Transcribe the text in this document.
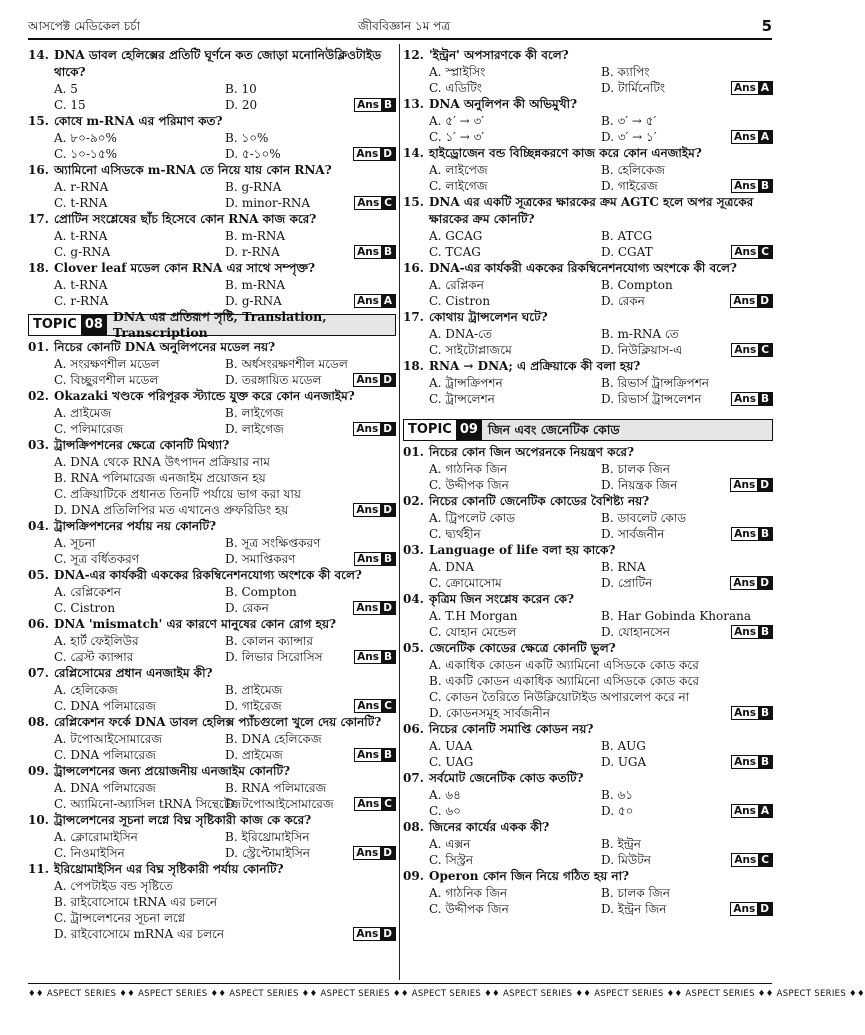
আসপেক্ট মেডিকেল চর্চা	জীববিজ্ঞান ১ম পত্র	5
14. DNA ডাবল হেলিক্সের প্রতিটি ঘূর্ণনে কত জোড়া মনোনিউক্লিওটাইড থাকে?
A. 5	B. 10
C. 15	D. 20	Ans B
15. কোষে m-RNA এর পরিমাণ কত?
A. ৮০-৯০%	B. ১০%
C. ১০-১৫%	D. ৫-১০%	Ans D
16. অ্যামিনো এসিডকে m-RNA তে নিয়ে যায় কোন RNA?
A. r-RNA	B. g-RNA
C. t-RNA	D. minor-RNA	Ans C
17. প্রোটিন সংশ্লেষের ছাঁচ হিসেবে কোন RNA কাজ করে?
A. t-RNA	B. m-RNA
C. g-RNA	D. r-RNA	Ans B
18. Clover leaf মডেল কোন RNA এর সাথে সম্পৃক্ত?
A. t-RNA	B. m-RNA
C. r-RNA	D. g-RNA	Ans A
TOPIC 08
DNA এর প্রতিরূপ সৃষ্টি, Translation, Transcription
01. নিচের কোনটি DNA অনুলিপনের মডেল নয়?
A. সংরক্ষণশীল মডেল	B. অর্ধসংরক্ষণশীল মডেল
C. বিচ্ছুরণশীল মডেল	D. তরঙ্গায়িত মডেল	Ans D
02. Okazaki খণ্ডকে পরিপূরক স্ট্যান্ডে যুক্ত করে কোন এনজাইম?
A. প্রাইমেজ	B. লাইগেজ
C. পলিমারেজ	D. লাইগেজ	Ans D
03. ট্রান্সক্রিপশনের ক্ষেত্রে কোনটি মিথ্যা?
A. DNA থেকে RNA উৎপাদন প্রক্রিয়ার নাম
B. RNA পলিমারেজ এনজাইম প্রয়োজন হয়
C. প্রক্রিয়াটিকে প্রধানত তিনটি পর্যায়ে ভাগ করা যায়
D. DNA প্রতিলিপির মত এখানেও প্রুফরিডিং হয়	Ans D
04. ট্রান্সক্রিপশনের পর্যায় নয় কোনটি?
A. সূচনা	B. সূত্র সংক্ষিপ্তকরণ
C. সূত্র বর্ধিতকরণ	D. সমাপ্তিকরণ	Ans B
05. DNA-এর কার্যকরী এককের রিকম্বিনেশনযোগ্য অংশকে কী বলে?
A. রেপ্লিকেশন	B. Compton
C. Cistron	D. রেকন	Ans D
06. DNA 'mismatch' এর কারণে মানুষের কোন রোগ হয়?
A. হার্ট ফেইলিউর	B. কোলন ক্যান্সার
C. ব্রেস্ট ক্যান্সার	D. লিভার সিরোসিস	Ans B
07. রেপ্লিসোমের প্রধান এনজাইম কী?
A. হেলিকেজ	B. প্রাইমেজ
C. DNA পলিমারেজ	D. গাইরেজ	Ans C
08. রেপ্লিকেশন ফর্কে DNA ডাবল হেলিক্স প্যাঁচগুলো খুলে দেয় কোনটি?
A. টপোআইসোমারেজ	B. DNA হেলিকেজ
C. DNA পলিমারেজ	D. প্রাইমেজ	Ans B
09. ট্রান্সলেশনের জন্য প্রয়োজনীয় এনজাইম কোনটি?
A. DNA পলিমারেজ	B. RNA পলিমারেজ
C. অ্যামিনো-অ্যাসিল tRNA সিন্থেটেজ
D. টপোআইসোমারেজ	Ans C
10. ট্রান্সলেশনের সূচনা লগ্নে বিঘ্ন সৃষ্টিকারী কাজ কে করে?
A. ক্লোরোমাইসিন	B. ইরিথ্রোমাইসিন
C. নিওমাইসিন	D. স্ট্রেপ্টোমাইসিন	Ans D
11. ইরিথ্রোমাইসিন এর বিঘ্ন সৃষ্টিকারী পর্যায় কোনটি?
A. পেপটাইড বন্ড সৃষ্টিতে
B. রাইবোসোমে tRNA এর চলনে
C. ট্রান্সলেশনের সূচনা লগ্নে
D. রাইবোসোমে mRNA এর চলনে	Ans D
12. 'ইন্ট্রন' অপসারণকে কী বলে?
A. স্প্লাইসিং	B. ক্যাপিং
C. এডিটিং	D. টার্মিনেটিং	Ans A
13. DNA অনুলিপন কী অভিমুখী?
A. ৫′ → ৩′	B. ৩′ → ৫′
C. ১′ → ৩′	D. ৩′ → ১′	Ans A
14. হাইড্রোজেন বন্ড বিচ্ছিন্নকরণে কাজ করে কোন এনজাইম?
A. লাইপেজ	B. হেলিকেজ
C. লাইগেজ	D. গাইরেজ	Ans B
15. DNA এর একটি সূত্রকের ক্ষারকের ক্রম AGTC হলে অপর সূত্রকের ক্ষারকের ক্রম কোনটি?
A. GCAG	B. ATCG
C. TCAG	D. CGAT	Ans C
16. DNA-এর কার্যকরী এককের রিকম্বিনেশনযোগ্য অংশকে কী বলে?
A. রেপ্লিকন	B. Compton
C. Cistron	D. রেকন	Ans D
17. কোথায় ট্রান্সলেশন ঘটে?
A. DNA-তে	B. m-RNA তে
C. সাইটোপ্লাজমে	D. নিউক্লিয়াস-এ	Ans C
18. RNA → DNA; এ প্রক্রিয়াকে কী বলা হয়?
A. ট্রান্সক্রিপশন	B. রিভার্স ট্রান্সক্রিপশন
C. ট্রান্সলেশন	D. রিভার্স ট্রান্সলেশন	Ans B
TOPIC 09 জিন এবং জেনেটিক কোড
01. নিচের কোন জিন অপেরনকে নিয়ন্ত্রণ করে?
A. গাঠনিক জিন	B. চালক জিন
C. উদ্দীপক জিন	D. নিয়ন্ত্রক জিন	Ans D
02. নিচের কোনটি জেনেটিক কোডের বৈশিষ্ট্য নয়?
A. ট্রিপলেট কোড	B. ডাবলেট কোড
C. দ্ব্যর্থহীন	D. সার্বজনীন	Ans B
03. Language of life বলা হয় কাকে?
A. DNA	B. RNA
C. ক্রোমোসোম	D. প্রোটিন	Ans D
04. কৃত্রিম জিন সংশ্লেষ করেন কে?
A. T.H Morgan	B. Har Gobinda Khorana
C. যোহান মেন্ডেল	D. যোহানসেন	Ans B
05. জেনেটিক কোডের ক্ষেত্রে কোনটি ভুল?
A. একাধিক কোডন একটি অ্যামিনো এসিডকে কোড করে
B. একটি কোডন একাধিক অ্যামিনো এসিডকে কোড করে
C. কোডন তৈরিতে নিউক্লিয়োটাইড অপারলেপ করে না
D. কোডনসমূহ সার্বজনীন	Ans B
06. নিচের কোনটি সমাপ্তি কোডন নয়?
A. UAA	B. AUG
C. UAG	D. UGA	Ans B
07. সর্বমোট জেনেটিক কোড কতটি?
A. ৬৪	B. ৬১
C. ৬০	D. ৫০	Ans A
08. জিনের কার্যের একক কী?
A. এক্সন	B. ইন্ট্রন
C. সিস্ট্রন	D. মিউটন	Ans C
09. Operon কোন জিন নিয়ে গঠিত হয় না?
A. গাঠনিক জিন	B. চালক জিন
C. উদ্দীপক জিন	D. ইন্ট্রন জিন	Ans D
♦♦ ASPECT SERIES ♦♦ ASPECT SERIES ♦♦ ASPECT SERIES ♦♦ ASPECT SERIES ♦♦ ASPECT SERIES ♦♦ ASPECT SERIES ♦♦ ASPECT SERIES ♦♦ ASPECT SERIES ♦♦ ASPECT SERIES ♦♦
